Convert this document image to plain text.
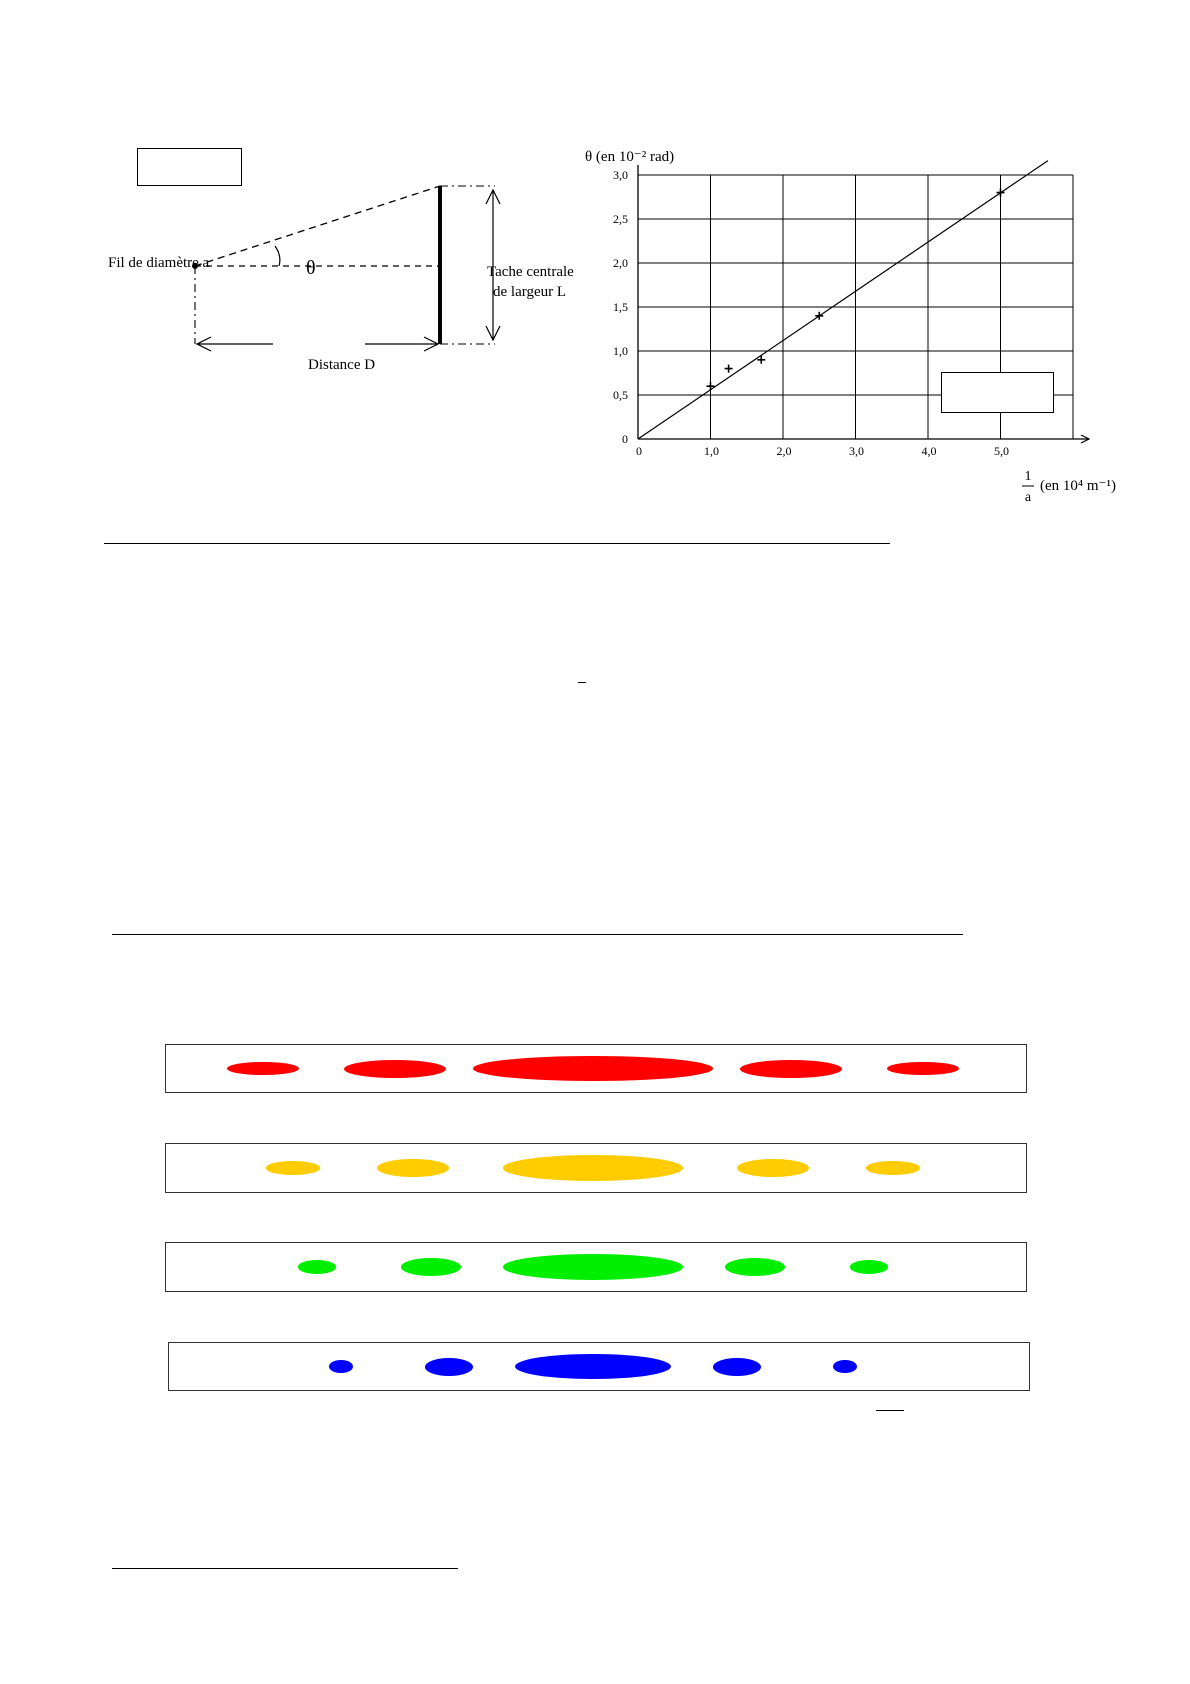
Fil de diamètre a	θ
Distance D
Tache centrale
de largeur L
0	1,0	2,0	3,0	4,0	5,0
0
0,5
1,0
1,5
2,0
2,5
3,0
θ (en 10⁻² rad)
1
a
(en 10⁴ m⁻¹)
